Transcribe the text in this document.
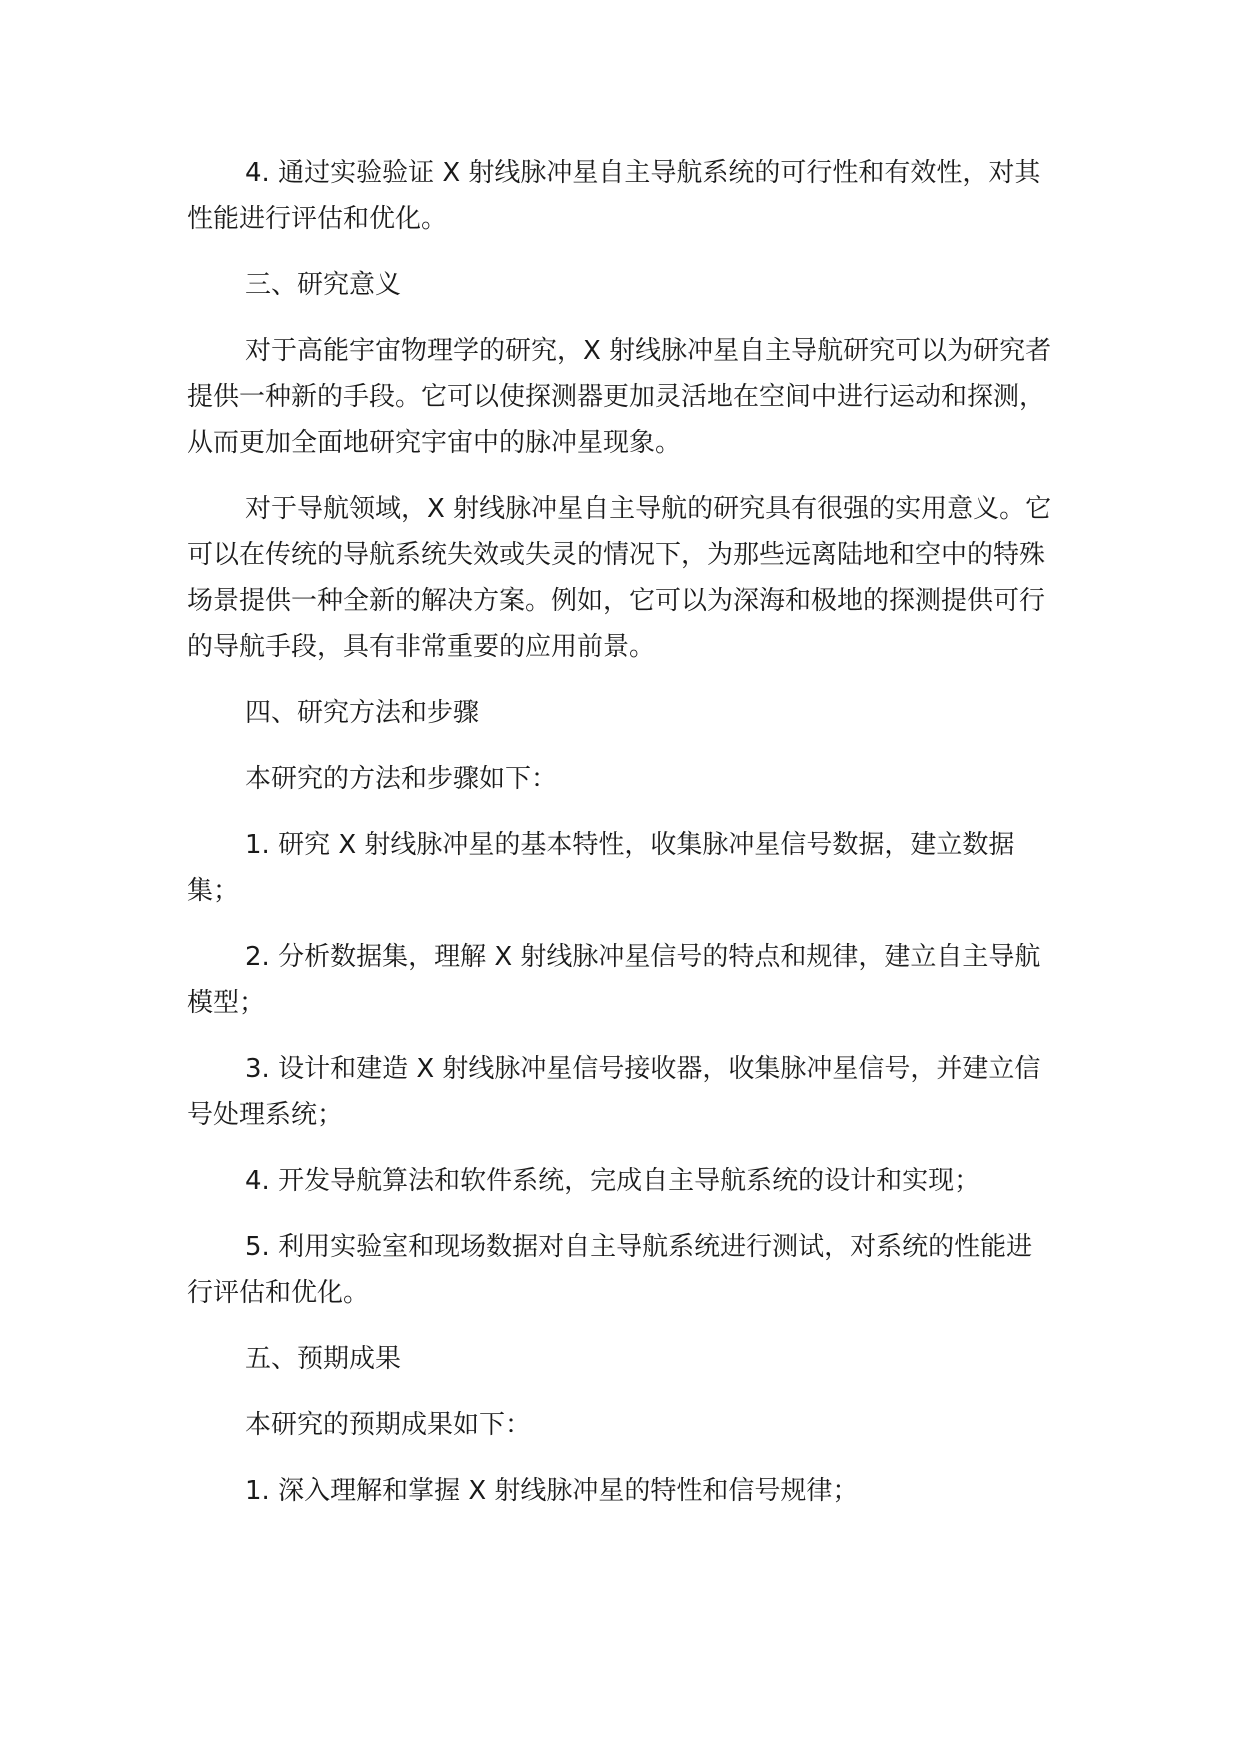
4. 通过实验验证 X 射线脉冲星自主导航系统的可行性和有效性，对其性能进行评估和优化。

三、研究意义

对于高能宇宙物理学的研究，X 射线脉冲星自主导航研究可以为研究者提供一种新的手段。它可以使探测器更加灵活地在空间中进行运动和探测，从而更加全面地研究宇宙中的脉冲星现象。

对于导航领域，X 射线脉冲星自主导航的研究具有很强的实用意义。它可以在传统的导航系统失效或失灵的情况下，为那些远离陆地和空中的特殊场景提供一种全新的解决方案。例如，它可以为深海和极地的探测提供可行的导航手段，具有非常重要的应用前景。

四、研究方法和步骤

本研究的方法和步骤如下：

1. 研究 X 射线脉冲星的基本特性，收集脉冲星信号数据，建立数据集；

2. 分析数据集，理解 X 射线脉冲星信号的特点和规律，建立自主导航模型；

3. 设计和建造 X 射线脉冲星信号接收器，收集脉冲星信号，并建立信号处理系统；

4. 开发导航算法和软件系统，完成自主导航系统的设计和实现；

5. 利用实验室和现场数据对自主导航系统进行测试，对系统的性能进行评估和优化。

五、预期成果

本研究的预期成果如下：

1. 深入理解和掌握 X 射线脉冲星的特性和信号规律；
